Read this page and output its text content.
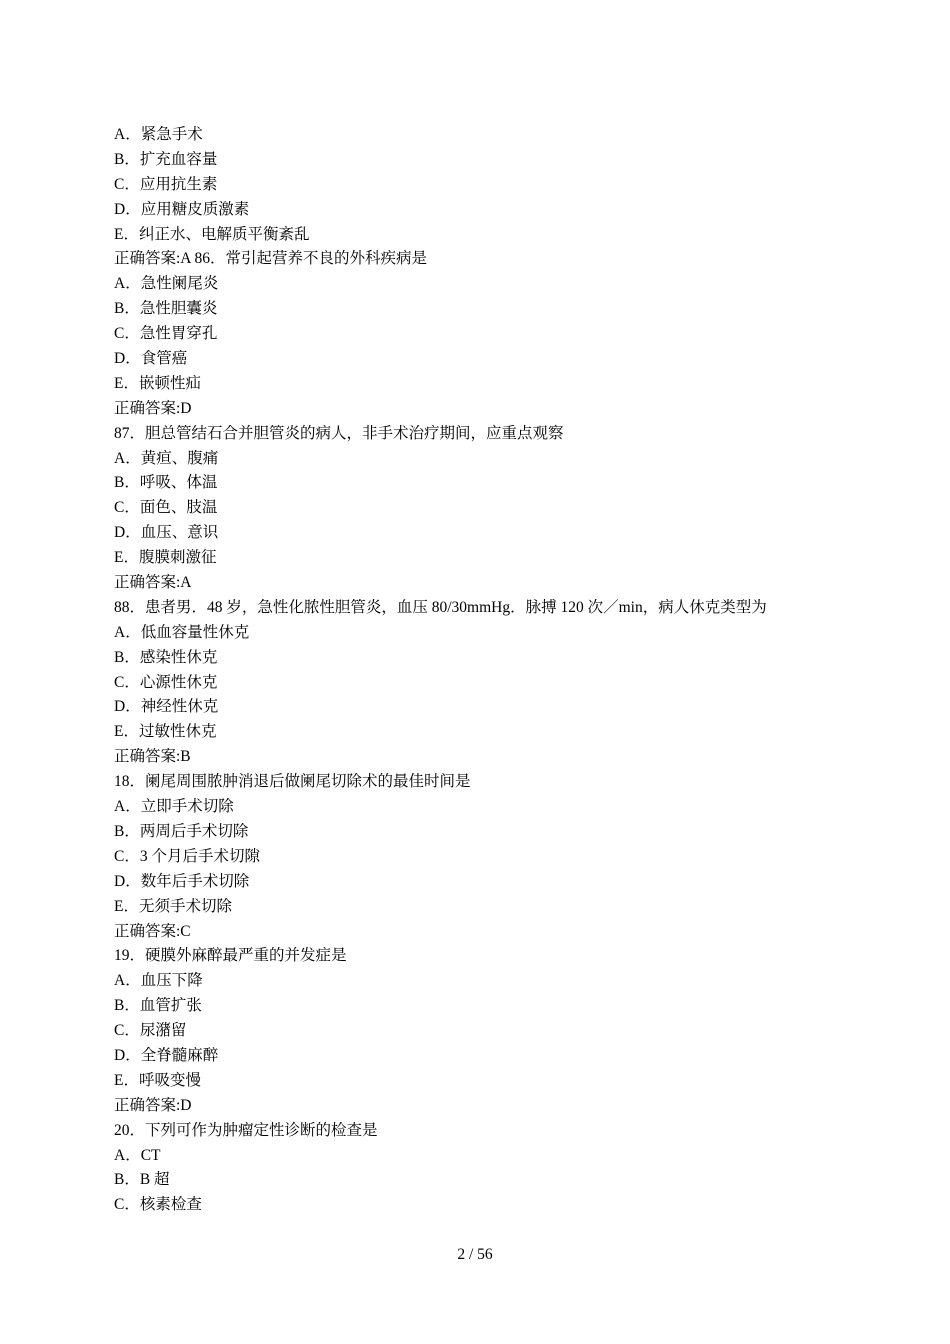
A．紧急手术
B．扩充血容量
C．应用抗生素
D．应用糖皮质激素
E．纠正水、电解质平衡紊乱
正确答案:A 86．常引起营养不良的外科疾病是
A．急性阑尾炎
B．急性胆囊炎
C．急性胃穿孔
D．食管癌
E．嵌顿性疝
正确答案:D
87．胆总管结石合并胆管炎的病人，非手术治疗期间，应重点观察
A．黄疸、腹痛
B．呼吸、体温
C．面色、肢温
D．血压、意识
E．腹膜刺激征
正确答案:A
88．患者男．48 岁，急性化脓性胆管炎，血压 80/30mmHg．脉搏 120 次／min，病人休克类型为
A．低血容量性休克
B．感染性休克
C．心源性休克
D．神经性休克
E．过敏性休克
正确答案:B
18．阑尾周围脓肿消退后做阑尾切除术的最佳时间是
A．立即手术切除
B．两周后手术切除
C．3 个月后手术切隙
D．数年后手术切除
E．无须手术切除
正确答案:C
19．硬膜外麻醉最严重的并发症是
A．血压下降
B．血管扩张
C．尿潴留
D．全脊髓麻醉
E．呼吸变慢
正确答案:D
20．下列可作为肿瘤定性诊断的检查是
A．CT
B．B 超
C．核素检查
2 / 56
